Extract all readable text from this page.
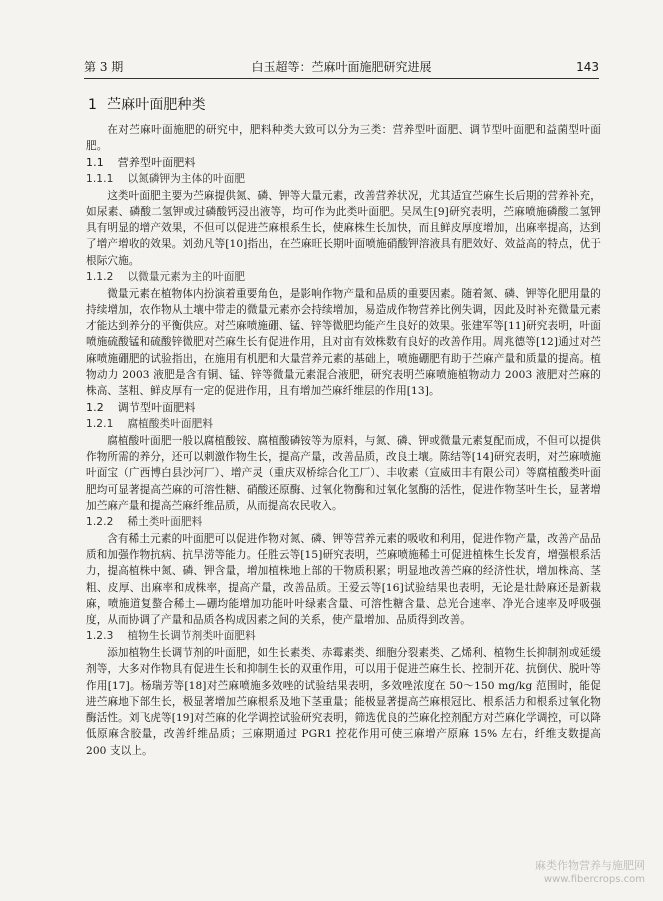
第 3 期	白玉超等：苎麻叶面施肥研究进展	143
1 苎麻叶面肥种类

在对苎麻叶面施肥的研究中，肥料种类大致可以分为三类：营养型叶面肥、调节型叶面肥和益菌型叶面肥。

1.1 营养型叶面肥料
1.1.1 以氮磷钾为主体的叶面肥

这类叶面肥主要为苎麻提供氮、磷、钾等大量元素，改善营养状况，尤其适宜苎麻生长后期的营养补充，如尿素、磷酸二氢钾或过磷酸钙浸出液等，均可作为此类叶面肥。吴凤生[9]研究表明，苎麻喷施磷酸二氢钾具有明显的增产效果，不但可以促进苎麻根系生长，使麻株生长加快，而且鲜皮厚度增加，出麻率提高，达到了增产增收的效果。刘劲凡等[10]指出，在苎麻旺长期叶面喷施硝酸钾溶液具有肥效好、效益高的特点，优于根际穴施。

1.1.2 以微量元素为主的叶面肥

微量元素在植物体内扮演着重要角色，是影响作物产量和品质的重要因素。随着氮、磷、钾等化肥用量的持续增加，农作物从土壤中带走的微量元素亦会持续增加，易造成作物营养比例失调，因此及时补充微量元素才能达到养分的平衡供应。对苎麻喷施硼、锰、锌等微肥均能产生良好的效果。张建军等[11]研究表明，叶面喷施硫酸锰和硫酸锌微肥对苎麻生长有促进作用，且对亩有效株数有良好的改善作用。周兆德等[12]通过对苎麻喷施硼肥的试验指出，在施用有机肥和大量营养元素的基础上，喷施硼肥有助于苎麻产量和质量的提高。植物动力 2003 液肥是含有铜、锰、锌等微量元素混合液肥，研究表明苎麻喷施植物动力 2003 液肥对苎麻的株高、茎粗、鲜皮厚有一定的促进作用，且有增加苎麻纤维层的作用[13]。

1.2 调节型叶面肥料
1.2.1 腐植酸类叶面肥料

腐植酸叶面肥一般以腐植酸铵、腐植酸磷铵等为原料，与氮、磷、钾或微量元素复配而成，不但可以提供作物所需的养分，还可以刺激作物生长，提高产量，改善品质，改良土壤。陈结等[14]研究表明，对苎麻喷施叶面宝（广西博白县沙河厂）、增产灵（重庆双桥综合化工厂）、丰收素（宣威田丰有限公司）等腐植酸类叶面肥均可显著提高苎麻的可溶性糖、硝酸还原酶、过氧化物酶和过氧化氢酶的活性，促进作物茎叶生长，显著增加苎麻产量和提高苎麻纤维品质，从而提高农民收入。

1.2.2 稀土类叶面肥料

含有稀土元素的叶面肥可以促进作物对氮、磷、钾等营养元素的吸收和利用，促进作物产量，改善产品品质和加强作物抗病、抗旱涝等能力。任胜云等[15]研究表明，苎麻喷施稀土可促进植株生长发育，增强根系活力，提高植株中氮、磷、钾含量，增加植株地上部的干物质积累；明显地改善苎麻的经济性状，增加株高、茎粗、皮厚、出麻率和成株率，提高产量，改善品质。王爱云等[16]试验结果也表明，无论是壮龄麻还是新栽麻，喷施道复螯合稀土—硼均能增加功能叶叶绿素含量、可溶性糖含量、总光合速率、净光合速率及呼吸强度，从而协调了产量和品质各构成因素之间的关系，使产量增加、品质得到改善。

1.2.3 植物生长调节剂类叶面肥料

添加植物生长调节剂的叶面肥，如生长素类、赤霉素类、细胞分裂素类、乙烯利、植物生长抑制剂或延缓剂等，大多对作物具有促进生长和抑制生长的双重作用，可以用于促进苎麻生长、控制开花、抗倒伏、脱叶等作用[17]。杨瑞芳等[18]对苎麻喷施多效唑的试验结果表明，多效唑浓度在 50～150 mg/kg 范围时，能促进苎麻地下部生长，极显著增加苎麻根系及地下茎重量；能极显著提高苎麻根冠比、根系活力和根系过氧化物酶活性。刘飞虎等[19]对苎麻的化学调控试验研究表明，筛选优良的苎麻化控剂配方对苎麻化学调控，可以降低原麻含胶量，改善纤维品质；三麻期通过 PGR1 控花作用可使三麻增产原麻 15% 左右，纤维支数提高 200 支以上。

麻类作物营养与施肥网
www.fibercrops.com
